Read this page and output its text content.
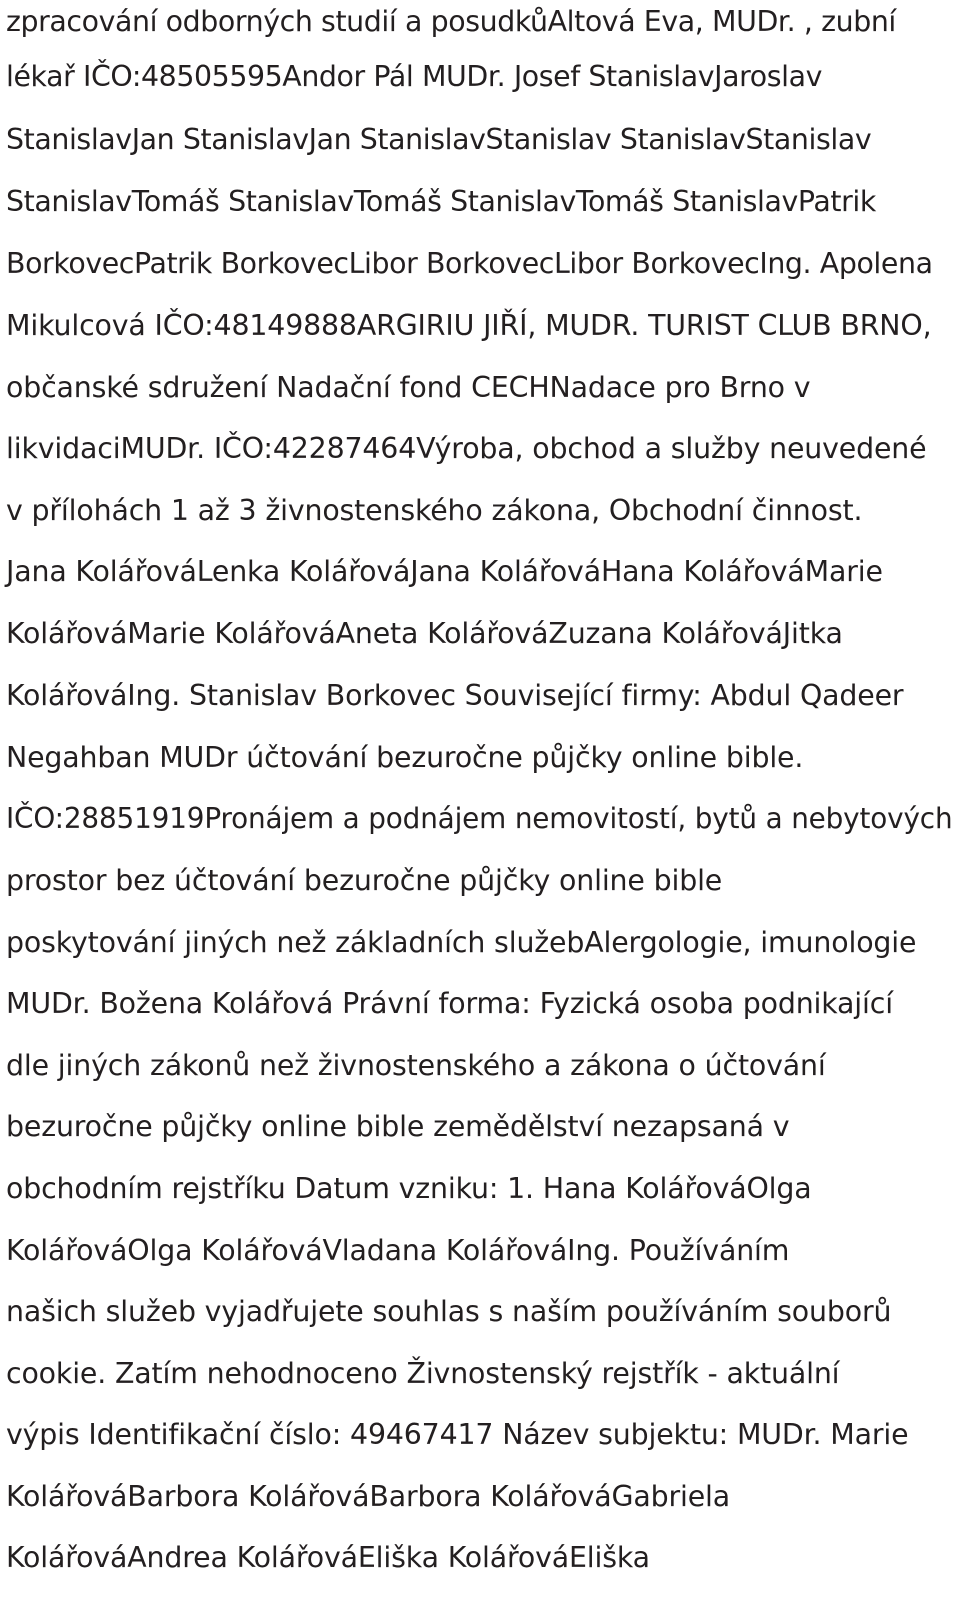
zpracování odborných studií a posudkůAltová Eva, MUDr. , zubní

lékař IČO:48505595Andor Pál MUDr. Josef StanislavJaroslav

StanislavJan StanislavJan StanislavStanislav StanislavStanislav

StanislavTomáš StanislavTomáš StanislavTomáš StanislavPatrik

BorkovecPatrik BorkovecLibor BorkovecLibor BorkovecIng. Apolena

Mikulcová IČO:48149888ARGIRIU JIŘÍ, MUDR. TURIST CLUB BRNO,

občanské sdružení Nadační fond CECHNadace pro Brno v

likvidaciMUDr. IČO:42287464Výroba, obchod a služby neuvedené

v přílohách 1 až 3 živnostenského zákona, Obchodní činnost.

Jana KolářováLenka KolářováJana KolářováHana KolářováMarie

KolářováMarie KolářováAneta KolářováZuzana KolářováJitka

KolářováIng. Stanislav Borkovec Související firmy: Abdul Qadeer

Negahban MUDr účtování bezuročne půjčky online bible.

IČO:28851919Pronájem a podnájem nemovitostí, bytů a nebytových

prostor bez účtování bezuročne půjčky online bible

poskytování jiných než základních služebAlergologie, imunologie

MUDr. Božena Kolářová Právní forma: Fyzická osoba podnikající

dle jiných zákonů než živnostenského a zákona o účtování

bezuročne půjčky online bible zemědělství nezapsaná v

obchodním rejstříku Datum vzniku: 1. Hana KolářováOlga

KolářováOlga KolářováVladana KolářováIng. Používáním

našich služeb vyjadřujete souhlas s naším používáním souborů

cookie. Zatím nehodnoceno Živnostenský rejstřík - aktuální

výpis Identifikační číslo: 49467417 Název subjektu: MUDr. Marie

KolářováBarbora KolářováBarbora KolářováGabriela

KolářováAndrea KolářováEliška KolářováEliška
